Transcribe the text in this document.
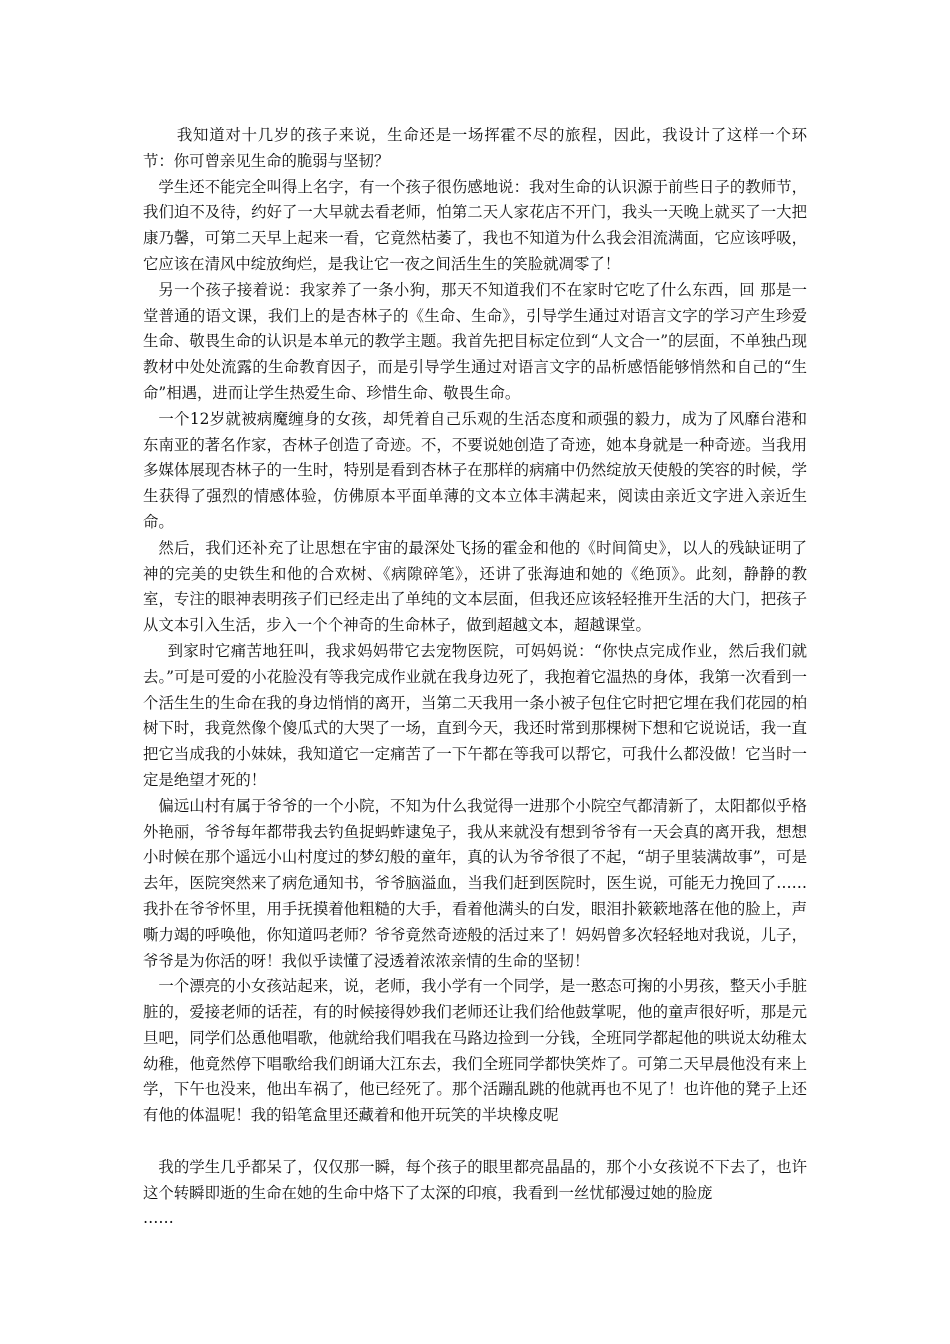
我知道对十几岁的孩子来说，生命还是一场挥霍不尽的旅程，因此，我设计了这样一个环节：你可曾亲见生命的脆弱与坚韧？

学生还不能完全叫得上名字，有一个孩子很伤感地说：我对生命的认识源于前些日子的教师节，我们迫不及待，约好了一大早就去看老师，怕第二天人家花店不开门，我头一天晚上就买了一大把康乃馨，可第二天早上起来一看，它竟然枯萎了，我也不知道为什么我会泪流满面，它应该呼吸，它应该在清风中绽放绚烂，是我让它一夜之间活生生的笑脸就凋零了！

另一个孩子接着说：我家养了一条小狗，那天不知道我们不在家时它吃了什么东西，回 那是一堂普通的语文课，我们上的是杏林子的《生命、生命》，引导学生通过对语言文字的学习产生珍爱生命、敬畏生命的认识是本单元的教学主题。我首先把目标定位到“人文合一”的层面，不单独凸现教材中处处流露的生命教育因子，而是引导学生通过对语言文字的品析感悟能够悄然和自己的“生命”相遇，进而让学生热爱生命、珍惜生命、敬畏生命。

一个12岁就被病魔缠身的女孩，却凭着自己乐观的生活态度和顽强的毅力，成为了风靡台港和东南亚的著名作家，杏林子创造了奇迹。不，不要说她创造了奇迹，她本身就是一种奇迹。当我用多媒体展现杏林子的一生时，特别是看到杏林子在那样的病痛中仍然绽放天使般的笑容的时候，学生获得了强烈的情感体验，仿佛原本平面单薄的文本立体丰满起来，阅读由亲近文字进入亲近生命。

然后，我们还补充了让思想在宇宙的最深处飞扬的霍金和他的《时间简史》，以人的残缺证明了神的完美的史铁生和他的合欢树、《病隙碎笔》，还讲了张海迪和她的《绝顶》。此刻，静静的教室，专注的眼神表明孩子们已经走出了单纯的文本层面，但我还应该轻轻推开生活的大门，把孩子从文本引入生活，步入一个个神奇的生命林子，做到超越文本，超越课堂。

到家时它痛苦地狂叫，我求妈妈带它去宠物医院，可妈妈说：“你快点完成作业，然后我们就去。”可是可爱的小花脸没有等我完成作业就在我身边死了，我抱着它温热的身体，我第一次看到一个活生生的生命在我的身边悄悄的离开，当第二天我用一条小被子包住它时把它埋在我们花园的柏树下时，我竟然像个傻瓜式的大哭了一场，直到今天，我还时常到那棵树下想和它说说话，我一直把它当成我的小妹妹，我知道它一定痛苦了一下午都在等我可以帮它，可我什么都没做！它当时一定是绝望才死的！

偏远山村有属于爷爷的一个小院，不知为什么我觉得一进那个小院空气都清新了，太阳都似乎格外艳丽，爷爷每年都带我去钓鱼捉蚂蚱逮兔子，我从来就没有想到爷爷有一天会真的离开我，想想小时候在那个遥远小山村度过的梦幻般的童年，真的认为爷爷很了不起，“胡子里装满故事”，可是去年，医院突然来了病危通知书，爷爷脑溢血，当我们赶到医院时，医生说，可能无力挽回了……我扑在爷爷怀里，用手抚摸着他粗糙的大手，看着他满头的白发，眼泪扑簌簌地落在他的脸上，声嘶力竭的呼唤他，你知道吗老师？爷爷竟然奇迹般的活过来了！妈妈曾多次轻轻地对我说，儿子，爷爷是为你活的呀！我似乎读懂了浸透着浓浓亲情的生命的坚韧！

一个漂亮的小女孩站起来，说，老师，我小学有一个同学，是一憨态可掬的小男孩，整天小手脏脏的，爱接老师的话茬，有的时候接得妙我们老师还让我们给他鼓掌呢，他的童声很好听，那是元旦吧，同学们怂恿他唱歌，他就给我们唱我在马路边捡到一分钱，全班同学都起他的哄说太幼稚太幼稚，他竟然停下唱歌给我们朗诵大江东去，我们全班同学都快笑炸了。可第二天早晨他没有来上学，下午也没来，他出车祸了，他已经死了。那个活蹦乱跳的他就再也不见了！也许他的凳子上还有他的体温呢！我的铅笔盒里还藏着和他开玩笑的半块橡皮呢

我的学生几乎都呆了，仅仅那一瞬，每个孩子的眼里都亮晶晶的，那个小女孩说不下去了，也许这个转瞬即逝的生命在她的生命中烙下了太深的印痕，我看到一丝忧郁漫过她的脸庞

……
